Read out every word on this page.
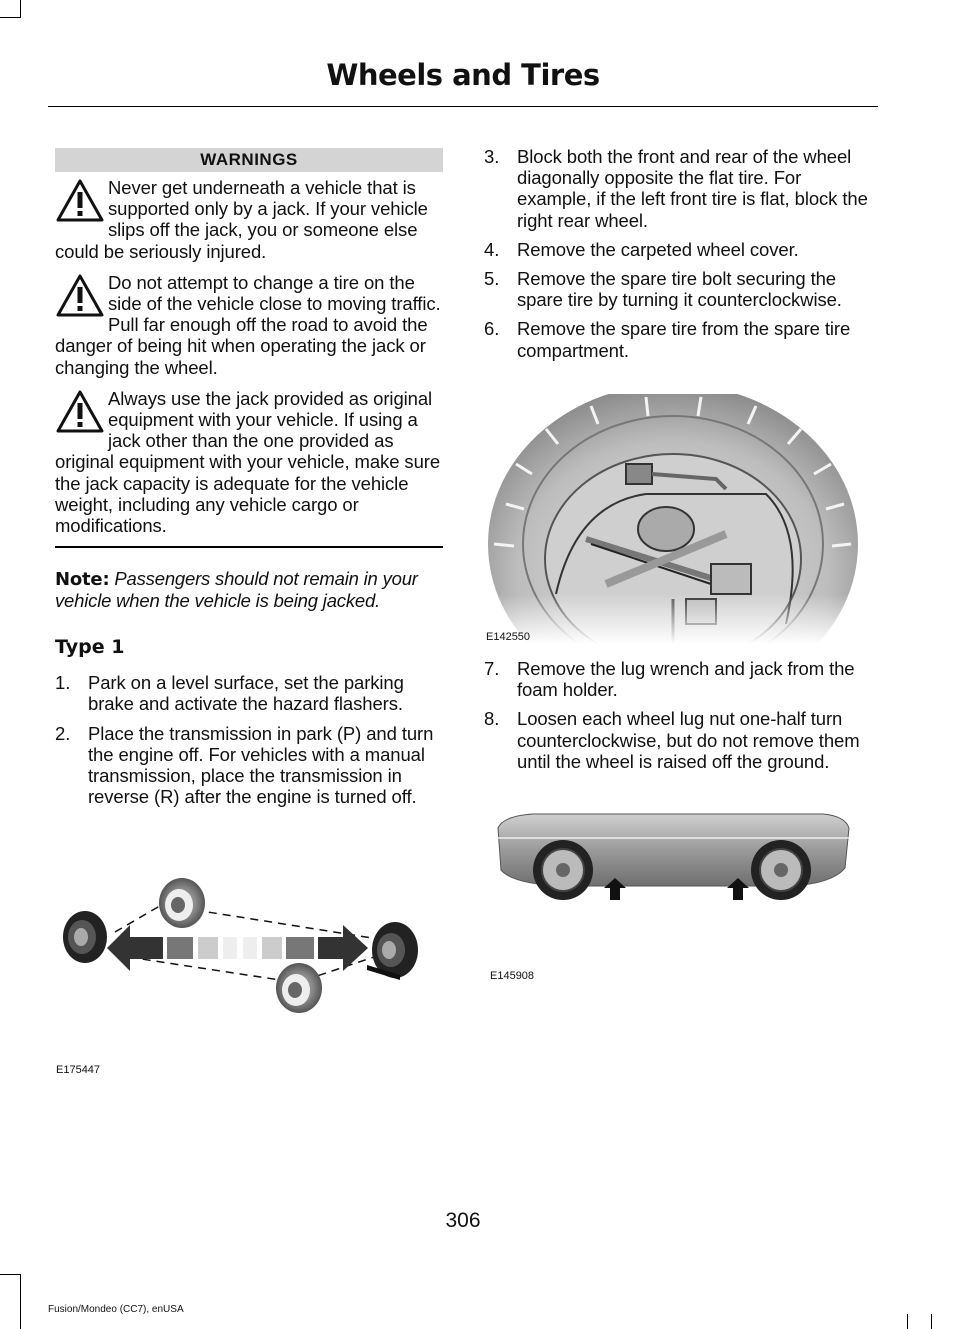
Wheels and Tires
WARNINGS
Never get underneath a vehicle that is supported only by a jack. If your vehicle slips off the jack, you or someone else could be seriously injured.
Do not attempt to change a tire on the side of the vehicle close to moving traffic. Pull far enough off the road to avoid the danger of being hit when operating the jack or changing the wheel.
Always use the jack provided as original equipment with your vehicle. If using a jack other than the one provided as original equipment with your vehicle, make sure the jack capacity is adequate for the vehicle weight, including any vehicle cargo or modifications.
Note: Passengers should not remain in your vehicle when the vehicle is being jacked.
Type 1
1. Park on a level surface, set the parking brake and activate the hazard flashers.
2. Place the transmission in park (P) and turn the engine off. For vehicles with a manual transmission, place the transmission in reverse (R) after the engine is turned off.
E175447
3. Block both the front and rear of the wheel diagonally opposite the flat tire. For example, if the left front tire is flat, block the right rear wheel.
4. Remove the carpeted wheel cover.
5. Remove the spare tire bolt securing the spare tire by turning it counterclockwise.
6. Remove the spare tire from the spare tire compartment.
E142550
7. Remove the lug wrench and jack from the foam holder.
8. Loosen each wheel lug nut one-half turn counterclockwise, but do not remove them until the wheel is raised off the ground.
E145908
306
Fusion/Mondeo (CC7), enUSA
